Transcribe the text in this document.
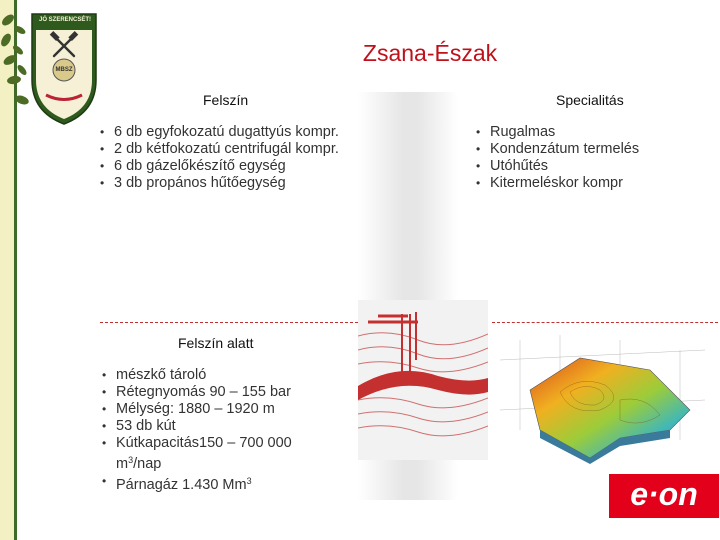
JÓ SZERENCSÉT!
MBSZ
Zsana-Észak
Felszín
• 6 db egyfokozatú dugattyús kompr.
• 2 db kétfokozatú centrifugál kompr.
• 6 db gázelőkészítő egység
• 3 db propános hűtőegység
Specialitás
• Rugalmas
• Kondenzátum termelés
• Utóhűtés
• Kitermeléskor kompr
Felszín alatt
• mészkő tároló
• Rétegnyomás 90 – 155 bar
• Mélység: 1880 – 1920 m
• 53 db kút
• Kútkapacitás150 – 700 000
$m^3$/nap
• Párnagáz 1.430 Mm$^3$	e·on
